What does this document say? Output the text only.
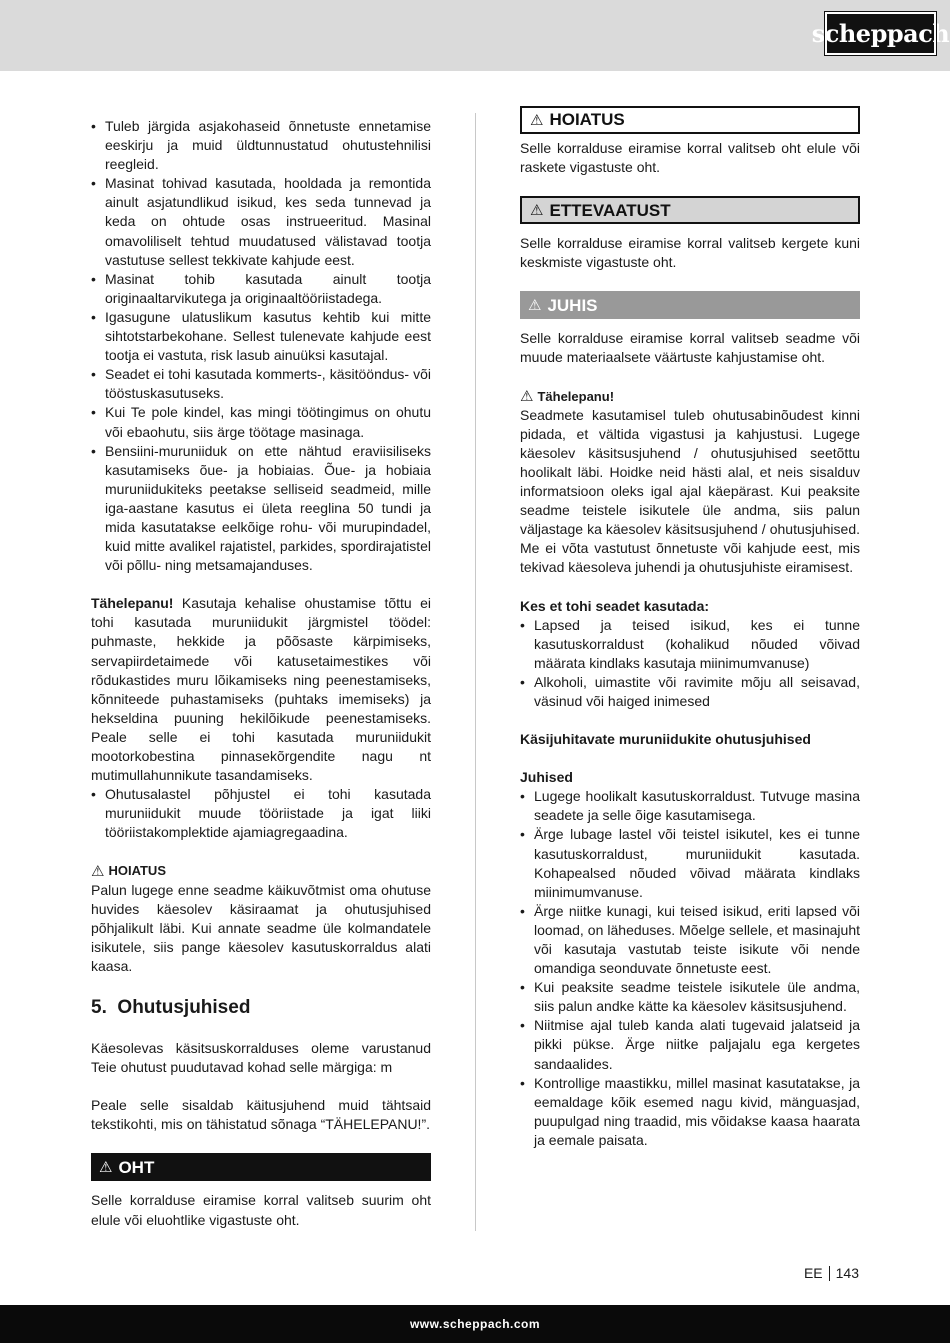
scheppach
• Tuleb järgida asjakohaseid õnnetuste ennetamise eeskirju ja muid üldtunnustatud ohutustehnilisi reegleid.
• Masinat tohivad kasutada, hooldada ja remontida ainult asjatundlikud isikud, kes seda tunnevad ja keda on ohtude osas instrueeritud. Masinal omavoliliselt tehtud muudatused välistavad tootja vastutuse sellest tekkivate kahjude eest.
• Masinat tohib kasutada ainult tootja originaaltarvikutega ja originaaltööriistadega.
• Igasugune ulatuslikum kasutus kehtib kui mitte sihtotstarbekohane. Sellest tulenevate kahjude eest tootja ei vastuta, risk lasub ainuüksi kasutajal.
• Seadet ei tohi kasutada kommerts-, käsitööndus- või tööstuskasutuseks.
• Kui Te pole kindel, kas mingi töötingimus on ohutu või ebaohutu, siis ärge töötage masinaga.
• Bensiini-muruniiduk on ette nähtud eraviisiliseks kasutamiseks õue- ja hobiaias. Õue- ja hobiaia muruniidukiteks peetakse selliseid seadmeid, mille iga-aastane kasutus ei ületa reeglina 50 tundi ja mida kasutatakse eelkõige rohu- või murupindadel, kuid mitte avalikel rajatistel, parkides, spordirajatistel või põllu- ning metsamajanduses.

Tähelepanu! Kasutaja kehalise ohustamise tõttu ei tohi kasutada muruniidukit järgmistel töödel: puhmaste, hekkide ja põõsaste kärpimiseks, servapiirdetaimede või katusetaimestikes või rõdukastides muru lõikamiseks ning peenestamiseks, kõnniteede puhastamiseks (puhtaks imemiseks) ja hekseldina puuning hekilõikude peenestamiseks. Peale selle ei tohi kasutada muruniidukit mootorkobestina pinnasekõrgendite nagu nt mutimullahunnikute tasandamiseks.

• Ohutusalastel põhjustel ei tohi kasutada muruniidukit muude tööriistade ja igat liiki tööriistakomplektide ajamiagregaadina.
⚠ HOIATUS

Palun lugege enne seadme käikuvõtmist oma ohutuse huvides käesolev käsiraamat ja ohutusjuhised põhjalikult läbi. Kui annate seadme üle kolmandatele isikutele, siis pange käesolev kasutuskorraldus alati kaasa.

5. Ohutusjuhised

Käesolevas käsitsuskorralduses oleme varustanud Teie ohutust puudutavad kohad selle märgiga: m

Peale selle sisaldab käitusjuhend muid tähtsaid tekstikohti, mis on tähistatud sõnaga “TÄHELEPANU!”.

⚠ OHT

Selle korralduse eiramise korral valitseb suurim oht elule või eluohtlike vigastuste oht.

⚠ HOIATUS

Selle korralduse eiramise korral valitseb oht elule või raskete vigastuste oht.

⚠ ETTEVAATUST

Selle korralduse eiramise korral valitseb kergete kuni keskmiste vigastuste oht.

⚠ JUHIS

Selle korralduse eiramise korral valitseb seadme või muude materiaalsete väärtuste kahjustamise oht.

⚠ Tähelepanu!

Seadmete kasutamisel tuleb ohutusabinõudest kinni pidada, et vältida vigastusi ja kahjustusi. Lugege käesolev käsitsusjuhend / ohutusjuhised seetõttu hoolikalt läbi. Hoidke neid hästi alal, et neis sisalduv informatsioon oleks igal ajal käepärast. Kui peaksite seadme teistele isikutele üle andma, siis palun väljastage ka käesolev käsitsusjuhend / ohutusjuhised. Me ei võta vastutust õnnetuste või kahjude eest, mis tekivad käesoleva juhendi ja ohutusjuhiste eiramisest.

Kes et tohi seadet kasutada:

• Lapsed ja teised isikud, kes ei tunne kasutuskorraldust (kohalikud nõuded võivad määrata kindlaks kasutaja miinimumvanuse)
• Alkoholi, uimastite või ravimite mõju all seisavad, väsinud või haiged inimesed

Käsijuhitavate muruniidukite ohutusjuhised

Juhised

• Lugege hoolikalt kasutuskorraldust. Tutvuge masina seadete ja selle õige kasutamisega.
• Ärge lubage lastel või teistel isikutel, kes ei tunne kasutuskorraldust, muruniidukit kasutada. Kohapealsed nõuded võivad määrata kindlaks miinimumvanuse.
• Ärge niitke kunagi, kui teised isikud, eriti lapsed või loomad, on läheduses. Mõelge sellele, et masinajuht või kasutaja vastutab teiste isikute või nende omandiga seonduvate õnnetuste eest.
• Kui peaksite seadme teistele isikutele üle andma, siis palun andke kätte ka käesolev käsitsusjuhend.
• Niitmise ajal tuleb kanda alati tugevaid jalatseid ja pikki pükse. Ärge niitke paljajalu ega kergetes sandaalides.
• Kontrollige maastikku, millel masinat kasutatakse, ja eemaldage kõik esemed nagu kivid, mänguasjad, puupulgad ning traadid, mis võidakse kaasa haarata ja eemale paisata.
EE 143
www.scheppach.com
